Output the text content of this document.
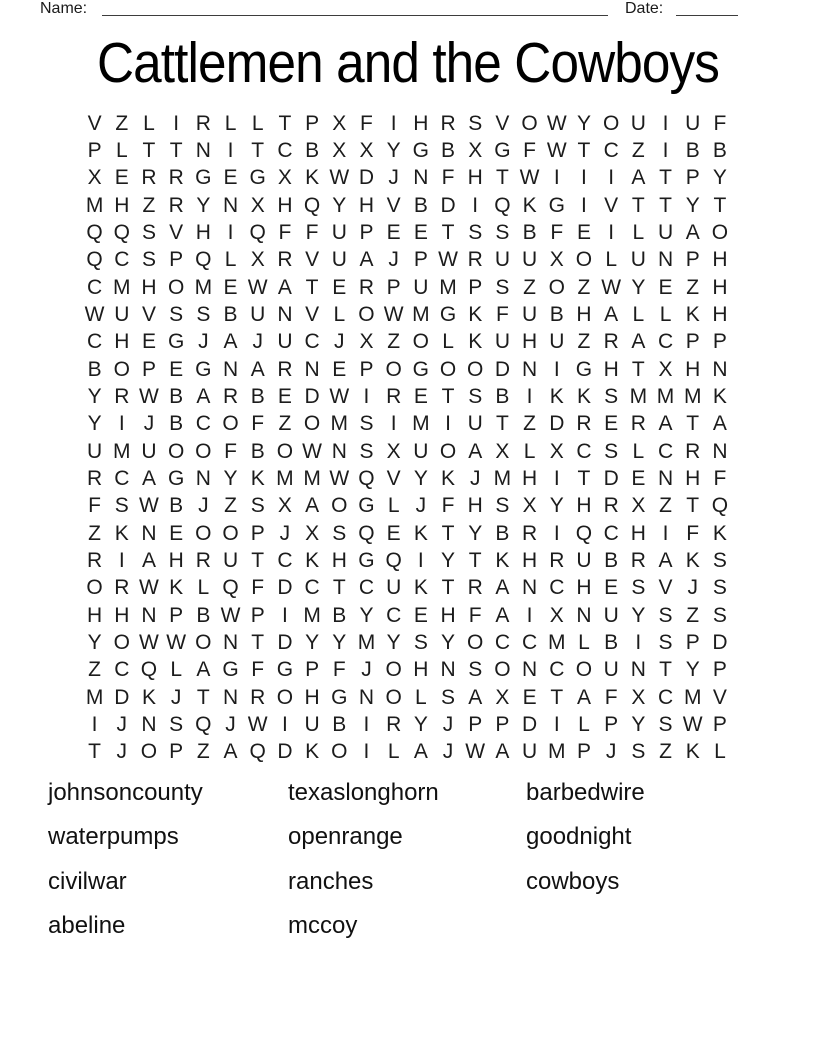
Name:	Date:
Cattlemen and the Cowboys
V Z L I R L L T P X F I H R S V O W Y O U I U F
P L T T N I T C B X X Y G B X G F W T C Z I B B
X E R R G E G X K W D J N F H T W I	I	I A T P Y
M H Z R Y N X H Q Y H V B D I Q K G I V T T Y T
Q Q S V H I Q F F U P E E T S S B F E I L U A O
Q C S P Q L X R V U A J P W R U U X O L U N P H
C M H O M E W A T E R P U M P S Z O Z W Y E Z H
W U V S S B U N V L O W M G K F U B H A L L K H
C H E G J A J U C J X Z O L K U H U Z R A C P P
B O P E G N A R N E P O G O O D N I G H T X H N
Y R W B A R B E D W I R E T S B I K K S M M M K
Y I J B C O F Z O M S I M I U T Z D R E R A T A
U M U O O F B O W N S X U O A X L X C S L C R N
R C A G N Y K M M W Q V Y K J M H I T D E N H F
F S W B J Z S X A O G L J F H S X Y H R X Z T Q
Z K N E O O P J X S Q E K T Y B R I Q C H I F K
R I A H R U T C K H G Q I Y T K H R U B R A K S
O R W K L Q F D C T C U K T R A N C H E S V J S
H H N P B W P I M B Y C E H F A I X N U Y S Z S
Y O W W O N T D Y Y M Y S Y O C C M L B I S P D
Z C Q L A G F G P F J O H N S O N C O U N T Y P
M D K J T N R O H G N O L S A X E T A F X C M V
I J N S Q J W I U B I R Y J P P D I L P Y S W P
T J O P Z A Q D K O I L A J W A U M P J S Z K L
johnsoncounty
waterpumps
civilwar
abeline
texaslonghorn
openrange
ranches
mccoy
barbedwire
goodnight
cowboys
